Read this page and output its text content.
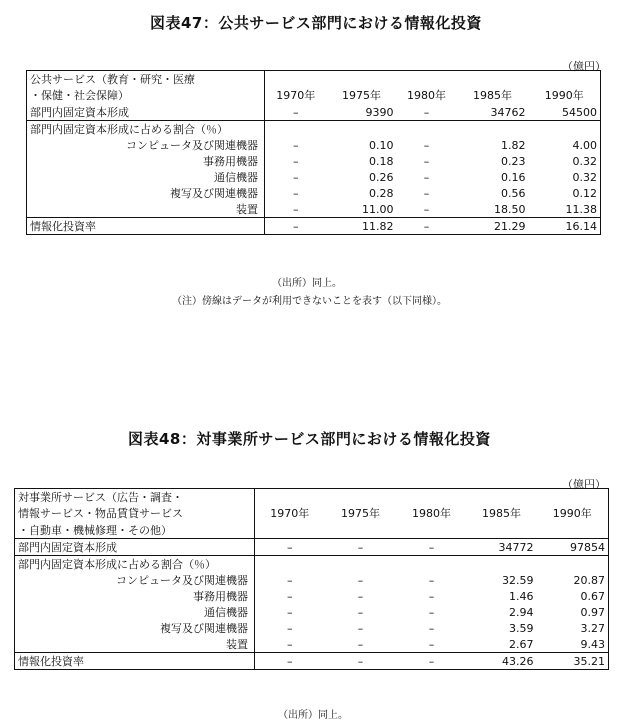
図表47：公共サービス部門における情報化投資
（億円）
公共サービス（教育・研究・医療					
・保健・社会保障）	1970年	1975年	1980年	1985年	1990年
部門内固定資本形成	–	9390	–	34762	54500
部門内固定資本形成に占める割合（％）					
コンピュータ及び関連機器	–	0.10	–	1.82	4.00
事務用機器	–	0.18	–	0.23	0.32
通信機器	–	0.26	–	0.16	0.32
複写及び関連機器	–	0.28	–	0.56	0.12
装置	–	11.00	–	18.50	11.38
情報化投資率	–	11.82	–	21.29	16.14
（出所）同上。
（注）傍線はデータが利用できないことを表す（以下同様）。
図表48：対事業所サービス部門における情報化投資
（億円）
対事業所サービス（広告・調査・					
情報サービス・物品賃貸サービス	1970年	1975年	1980年	1985年	1990年
・自動車・機械修理・その他）					
部門内固定資本形成	–	–	–	34772	97854
部門内固定資本形成に占める割合（％）					
コンピュータ及び関連機器	–	–	–	32.59	20.87
事務用機器	–	–	–	1.46	0.67
通信機器	–	–	–	2.94	0.97
複写及び関連機器	–	–	–	3.59	3.27
装置	–	–	–	2.67	9.43
情報化投資率	–	–	–	43.26	35.21
（出所）同上。
